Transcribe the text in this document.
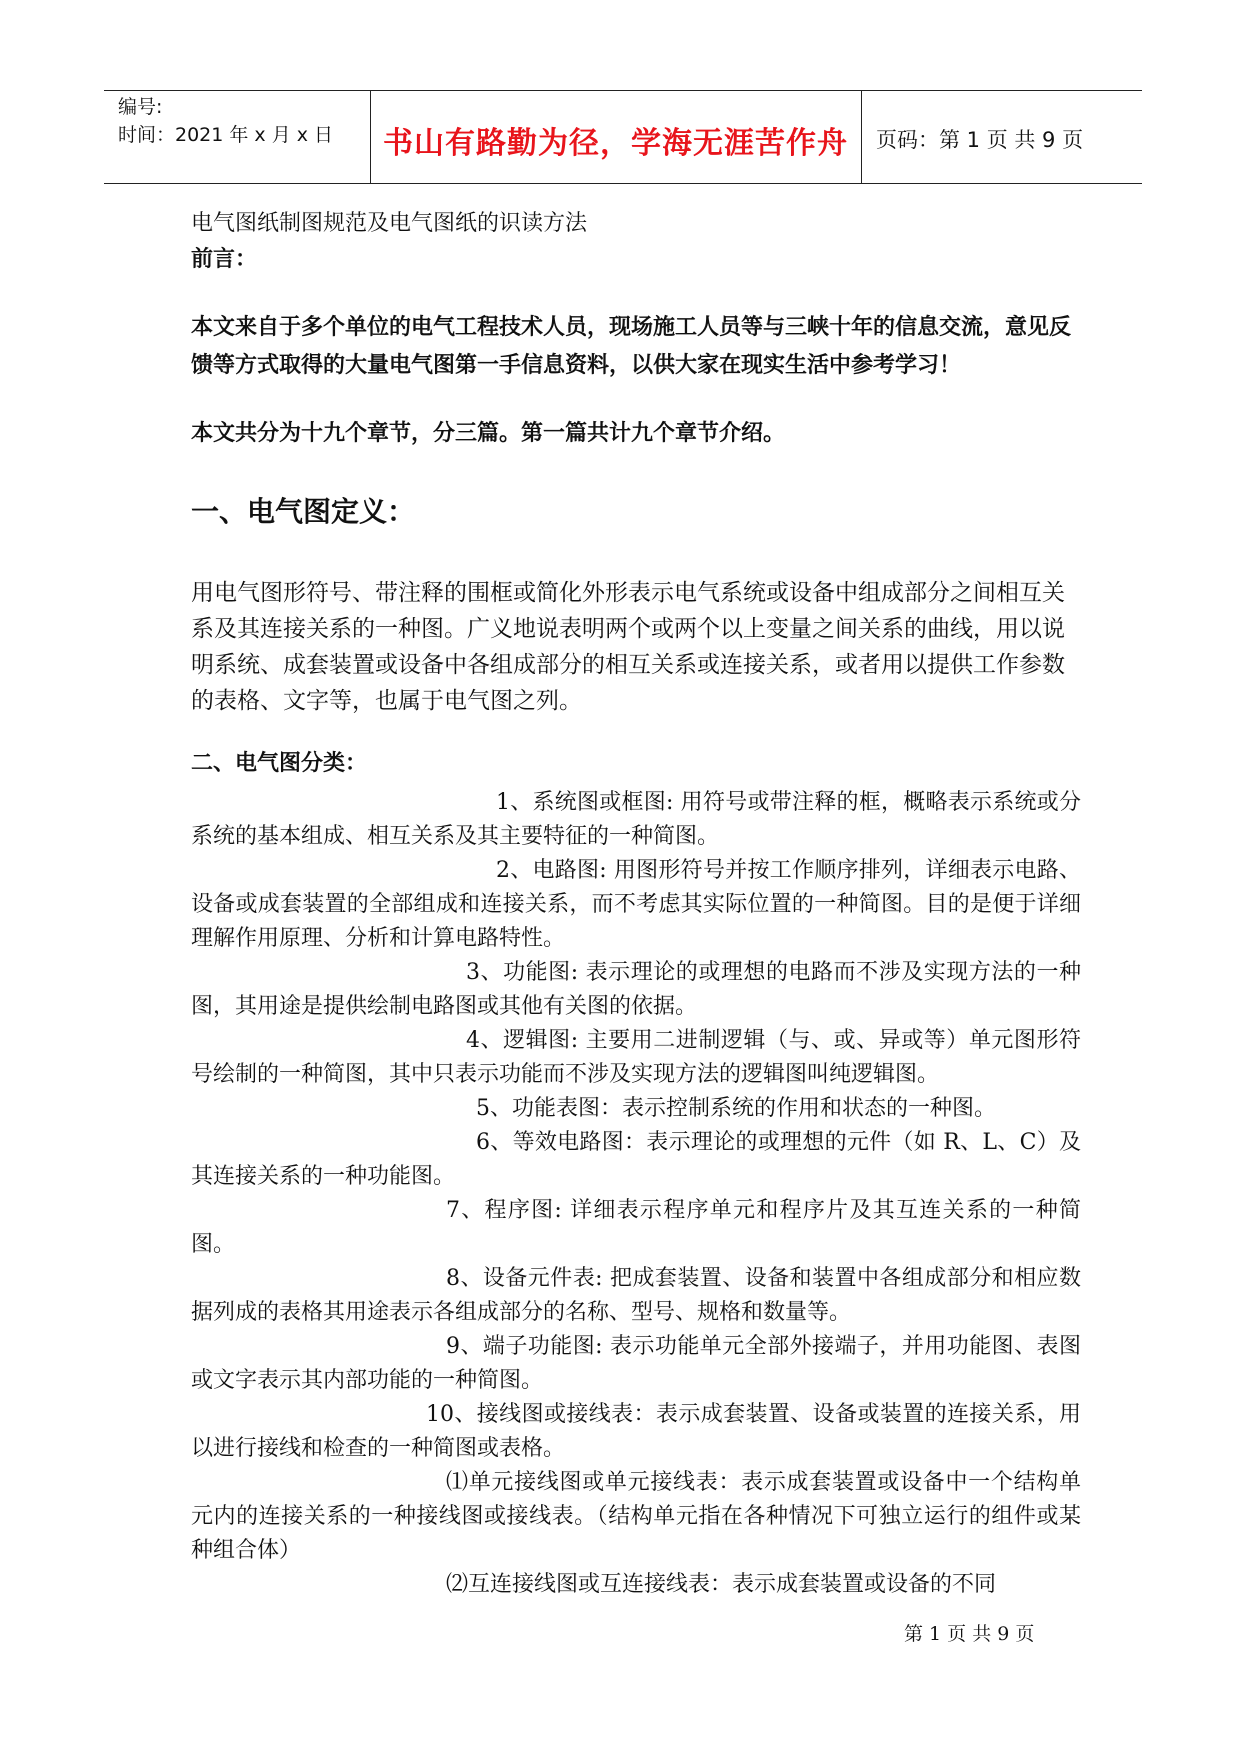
编号:
时间：2021 年 x 月 x 日	书山有路勤为径，学海无涯苦作舟	页码：第 1 页 共 9 页

电气图纸制图规范及电气图纸的识读方法

前言：

本文来自于多个单位的电气工程技术人员，现场施工人员等与三峡十年的信息交流，意见反馈等方式取得的大量电气图第一手信息资料，以供大家在现实生活中参考学习！

本文共分为十九个章节，分三篇。第一篇共计九个章节介绍。

一、电气图定义：

用电气图形符号、带注释的围框或简化外形表示电气系统或设备中组成部分之间相互关系及其连接关系的一种图。广义地说表明两个或两个以上变量之间关系的曲线，用以说明系统、成套装置或设备中各组成部分的相互关系或连接关系，或者用以提供工作参数的表格、文字等，也属于电气图之列。

二、电气图分类：

1、系统图或框图: 用符号或带注释的框，概略表示系统或分系统的基本组成、相互关系及其主要特征的一种简图。

2、电路图: 用图形符号并按工作顺序排列，详细表示电路、设备或成套装置的全部组成和连接关系，而不考虑其实际位置的一种简图。目的是便于详细理解作用原理、分析和计算电路特性。

3、功能图: 表示理论的或理想的电路而不涉及实现方法的一种图，其用途是提供绘制电路图或其他有关图的依据。

4、逻辑图: 主要用二进制逻辑（与、或、异或等）单元图形符号绘制的一种简图，其中只表示功能而不涉及实现方法的逻辑图叫纯逻辑图。

5、功能表图：表示控制系统的作用和状态的一种图。

6、等效电路图：表示理论的或理想的元件（如 R、L、C）及其连接关系的一种功能图。

7、程序图: 详细表示程序单元和程序片及其互连关系的一种简图。

8、设备元件表: 把成套装置、设备和装置中各组成部分和相应数据列成的表格其用途表示各组成部分的名称、型号、规格和数量等。

9、端子功能图: 表示功能单元全部外接端子，并用功能图、表图或文字表示其内部功能的一种简图。

10、接线图或接线表：表示成套装置、设备或装置的连接关系，用以进行接线和检查的一种简图或表格。

⑴单元接线图或单元接线表：表示成套装置或设备中一个结构单元内的连接关系的一种接线图或接线表。（结构单元指在各种情况下可独立运行的组件或某种组合体）

⑵互连接线图或互连接线表：表示成套装置或设备的不同

第 1 页 共 9 页
